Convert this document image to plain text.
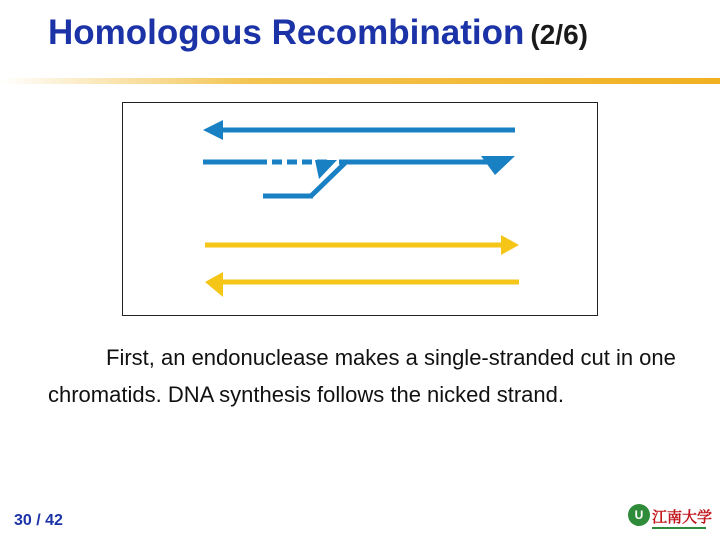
Homologous Recombination (2/6)

First, an endonuclease makes a single-stranded cut in one chromatids. DNA synthesis follows the nicked strand.

30 / 42	U 江南大学
